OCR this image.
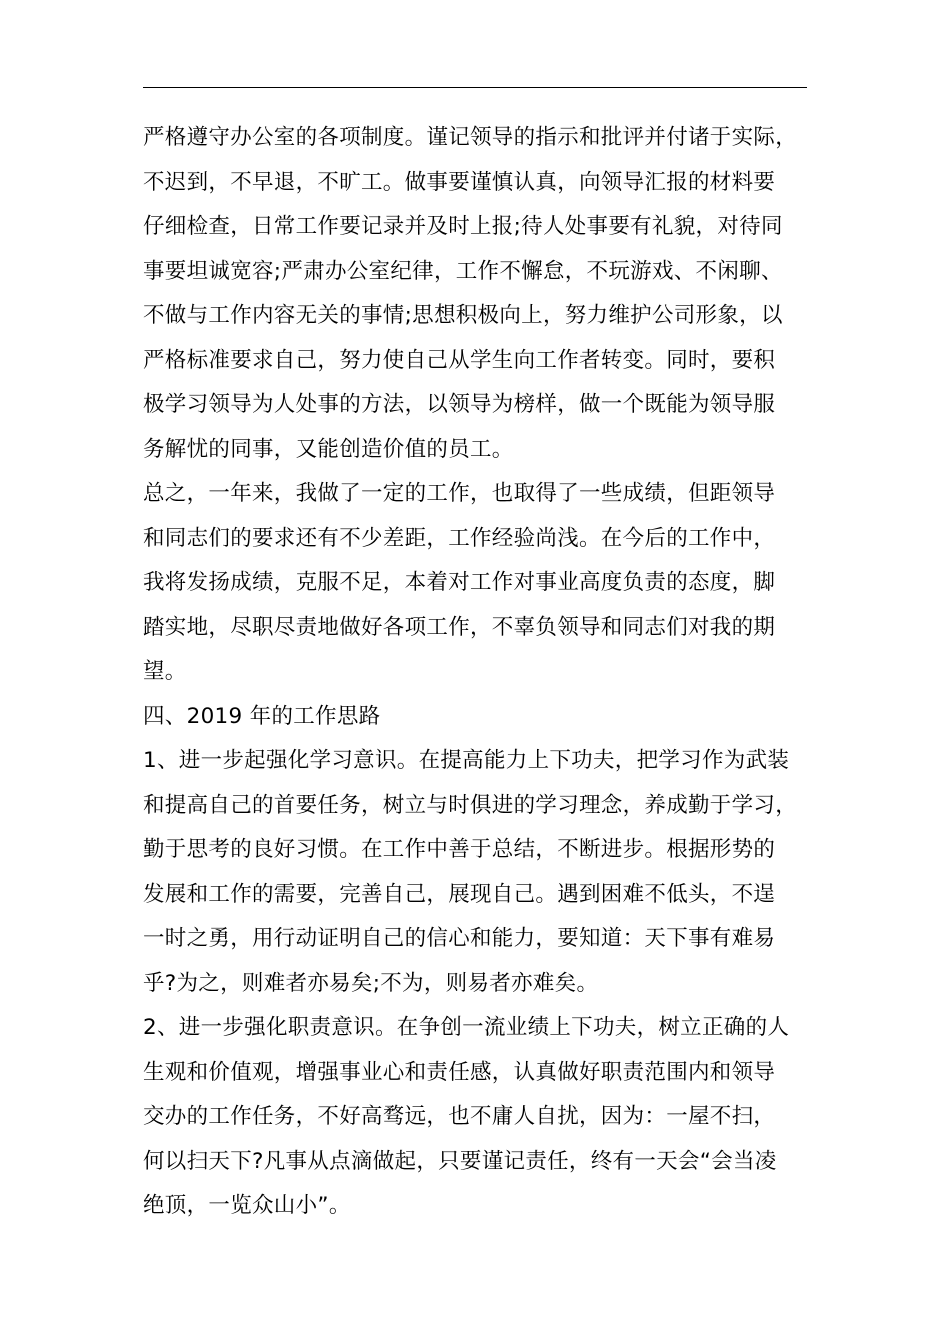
严格遵守办公室的各项制度。谨记领导的指示和批评并付诸于实际，
不迟到，不早退，不旷工。做事要谨慎认真，向领导汇报的材料要
仔细检查，日常工作要记录并及时上报;待人处事要有礼貌，对待同
事要坦诚宽容;严肃办公室纪律，工作不懈怠，不玩游戏、不闲聊、
不做与工作内容无关的事情;思想积极向上，努力维护公司形象，以
严格标准要求自己，努力使自己从学生向工作者转变。同时，要积
极学习领导为人处事的方法，以领导为榜样，做一个既能为领导服
务解忧的同事，又能创造价值的员工。
总之，一年来，我做了一定的工作，也取得了一些成绩，但距领导
和同志们的要求还有不少差距，工作经验尚浅。在今后的工作中，
我将发扬成绩，克服不足，本着对工作对事业高度负责的态度，脚
踏实地，尽职尽责地做好各项工作，不辜负领导和同志们对我的期
望。
四、2019 年的工作思路
1、进一步起强化学习意识。在提高能力上下功夫，把学习作为武装
和提高自己的首要任务，树立与时俱进的学习理念，养成勤于学习，
勤于思考的良好习惯。在工作中善于总结，不断进步。根据形势的
发展和工作的需要，完善自己，展现自己。遇到困难不低头，不逞
一时之勇，用行动证明自己的信心和能力，要知道：天下事有难易
乎?为之，则难者亦易矣;不为，则易者亦难矣。
2、进一步强化职责意识。在争创一流业绩上下功夫，树立正确的人
生观和价值观，增强事业心和责任感，认真做好职责范围内和领导
交办的工作任务，不好高骛远，也不庸人自扰，因为：一屋不扫，
何以扫天下?凡事从点滴做起，只要谨记责任，终有一天会“会当凌
绝顶，一览众山小”。
